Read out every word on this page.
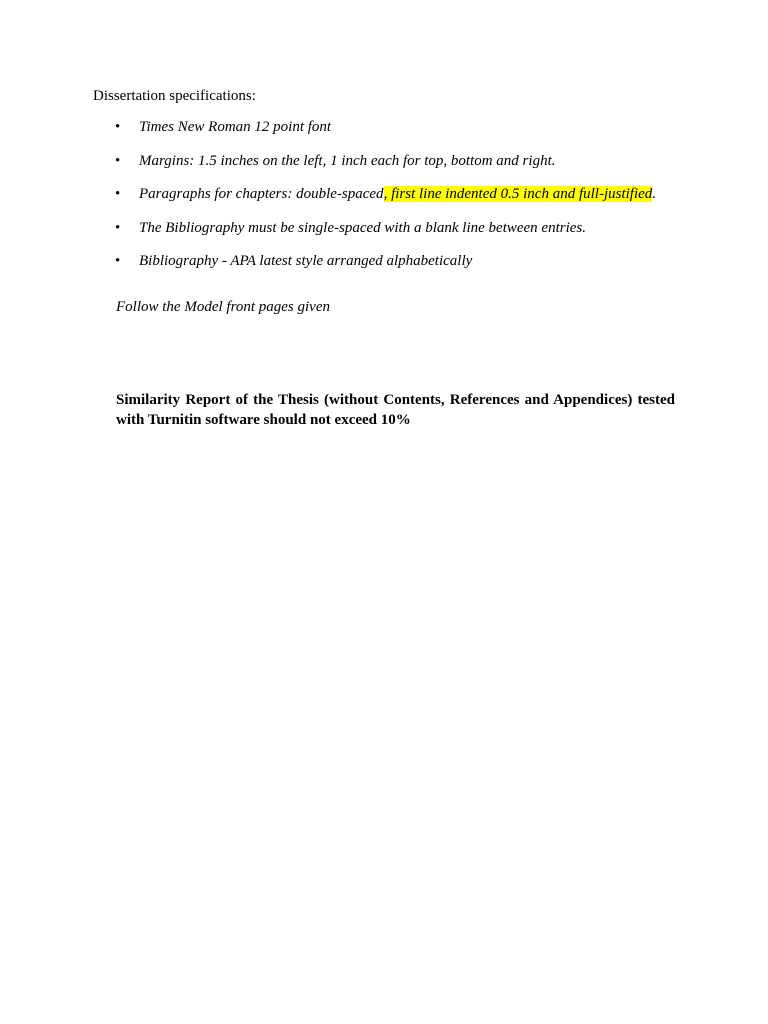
Dissertation specifications:
• Times New Roman 12 point font
• Margins: 1.5 inches on the left, 1 inch each for top, bottom and right.
• Paragraphs for chapters: double-spaced, first line indented 0.5 inch and full-justified.
• The Bibliography must be single-spaced with a blank line between entries.
• Bibliography - APA latest style arranged alphabetically
Follow the Model front pages given
Similarity Report of the Thesis (without Contents, References and Appendices) tested with Turnitin software should not exceed 10%
